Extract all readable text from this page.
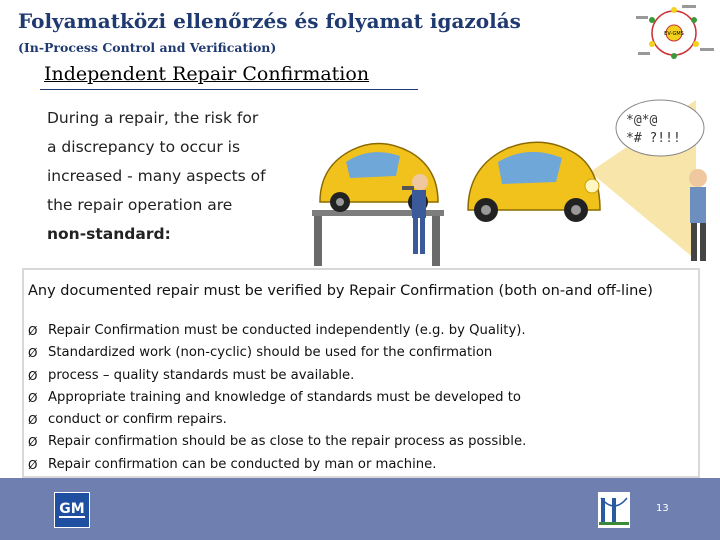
Folyamatközi ellenőrzés és folyamat igazolás
(In-Process Control and Verification)
EV-GMS
Independent Repair Confirmation
During a repair, the risk for
a discrepancy to occur is
increased - many aspects of
the repair operation are
non-standard:
*@*@
*# ?!!!
Any documented repair must be verified by Repair Confirmation (both on-and off-line)
Ø Repair Confirmation must be conducted independently (e.g. by Quality).
Ø Standardized work (non-cyclic) should be used for the confirmation
Ø process – quality standards must be available.
Ø Appropriate training and knowledge of standards must be developed to
Ø conduct or confirm repairs.
Ø Repair confirmation should be as close to the repair process as possible.
Ø Repair confirmation can be conducted by man or machine.
GM	13
